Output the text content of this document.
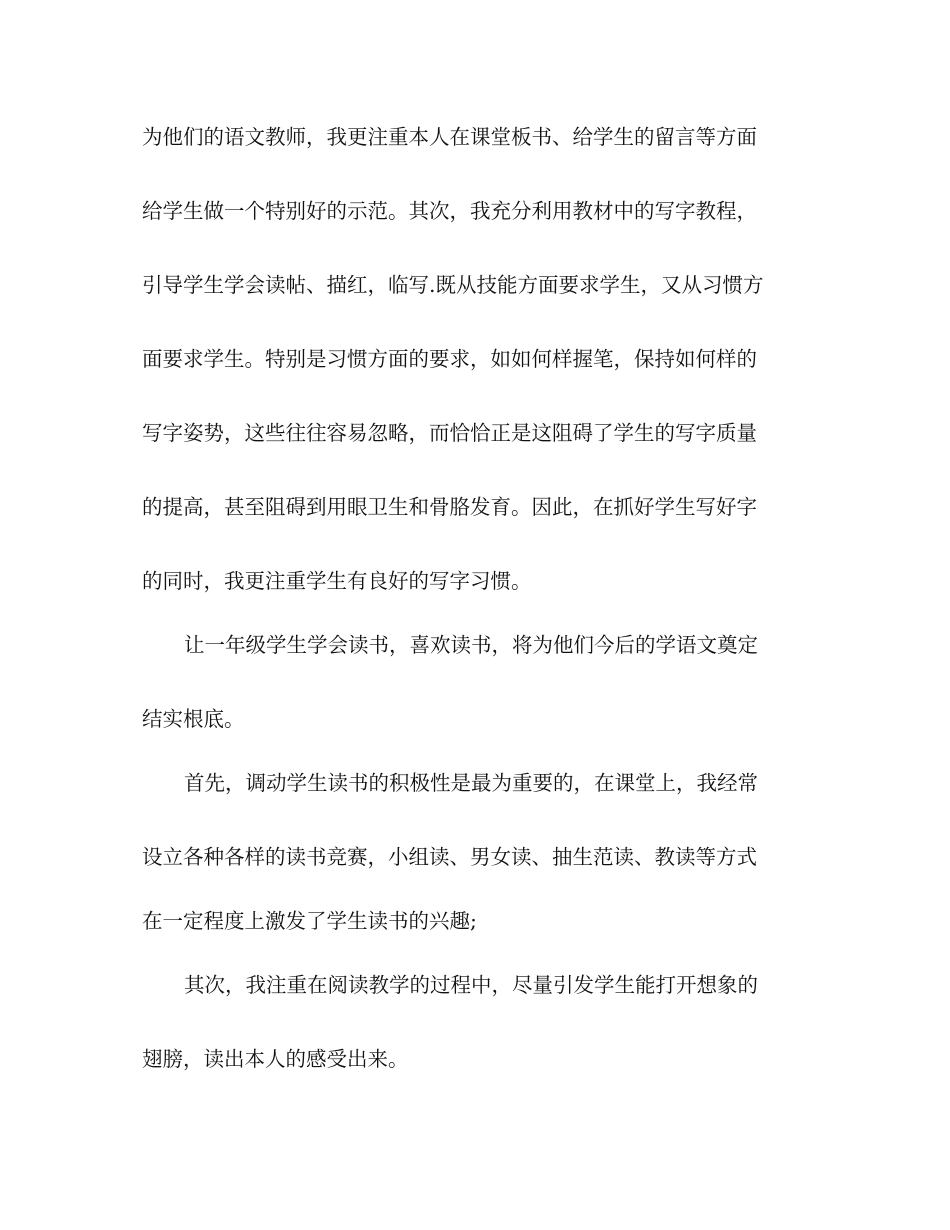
为他们的语文教师，我更注重本人在课堂板书、给学生的留言等方面
给学生做一个特别好的示范。其次，我充分利用教材中的写字教程，
引导学生学会读帖、描红，临写.既从技能方面要求学生，又从习惯方
面要求学生。特别是习惯方面的要求，如如何样握笔，保持如何样的
写字姿势，这些往往容易忽略，而恰恰正是这阻碍了学生的写字质量
的提高，甚至阻碍到用眼卫生和骨胳发育。因此，在抓好学生写好字
的同时，我更注重学生有良好的写字习惯。
让一年级学生学会读书，喜欢读书，将为他们今后的学语文奠定
结实根底。
首先，调动学生读书的积极性是最为重要的，在课堂上，我经常
设立各种各样的读书竞赛，小组读、男女读、抽生范读、教读等方式
在一定程度上激发了学生读书的兴趣;
其次，我注重在阅读教学的过程中，尽量引发学生能打开想象的
翅膀，读出本人的感受出来。
